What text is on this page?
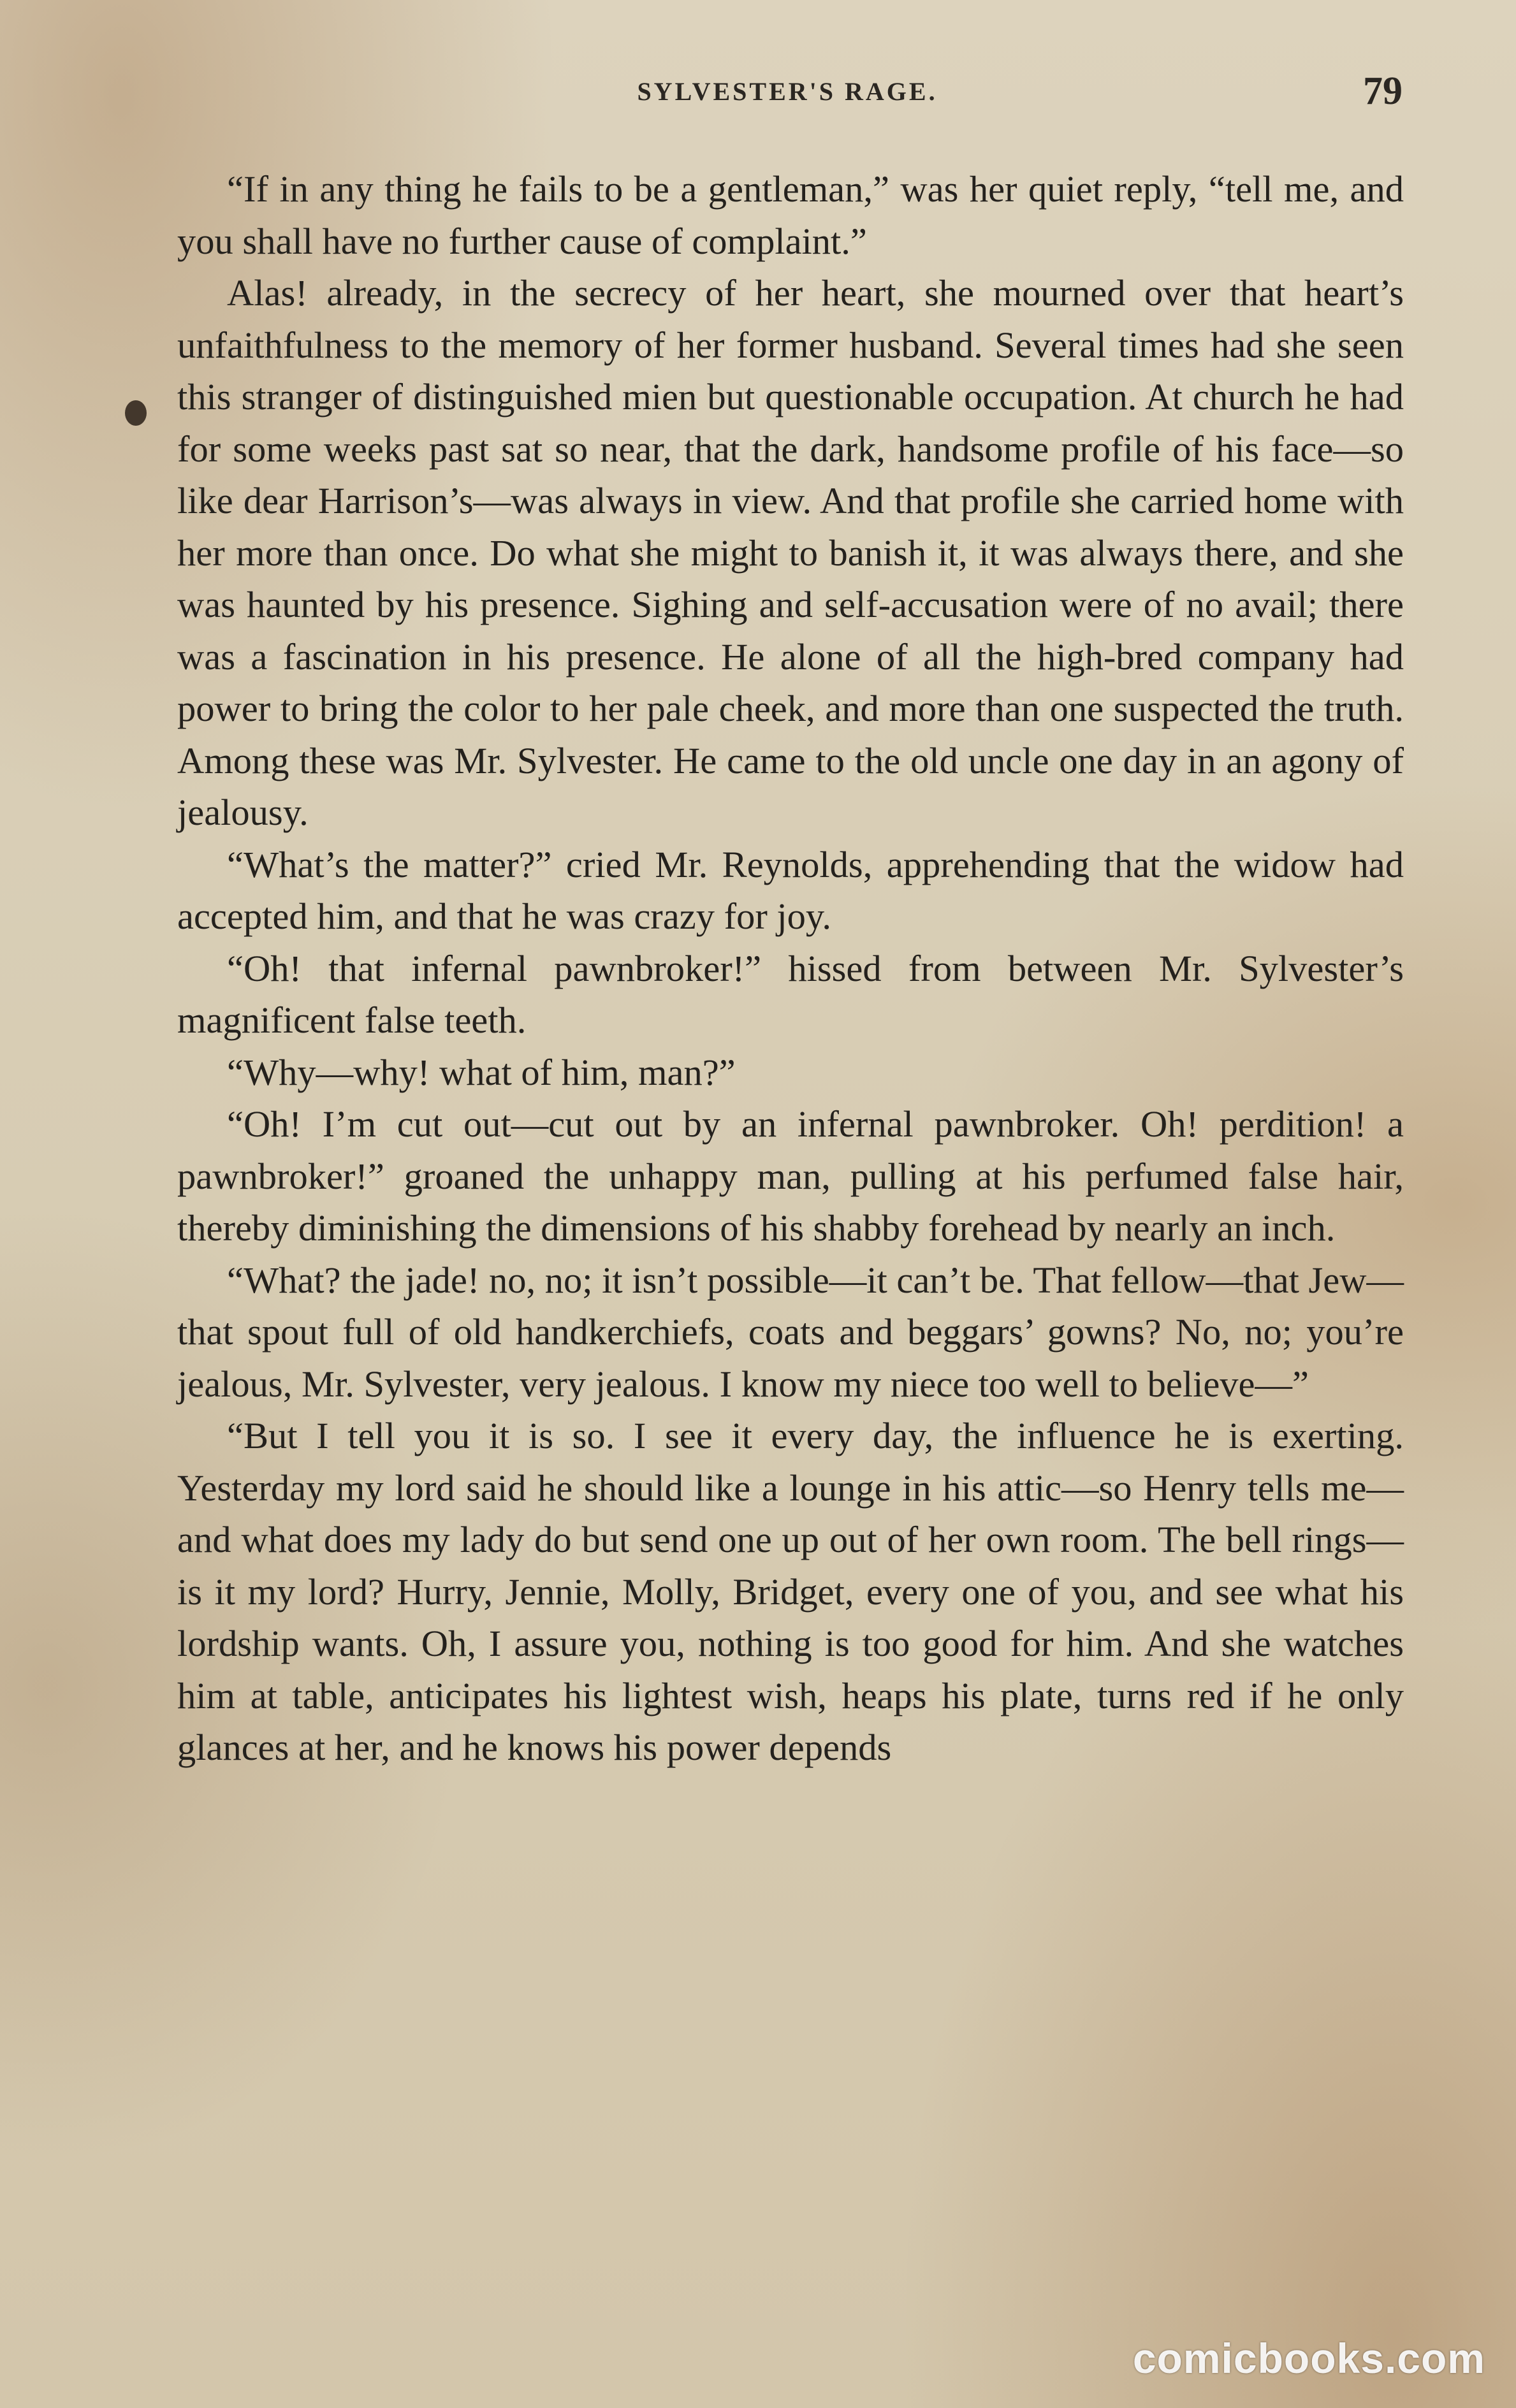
SYLVESTER'S RAGE.	79

“If in any thing he fails to be a gentleman,” was her quiet reply, “tell me, and you shall have no further cause of complaint.”

Alas! already, in the secrecy of her heart, she mourned over that heart’s unfaithfulness to the memory of her former husband. Several times had she seen this stranger of distinguished mien but questionable occupation. At church he had for some weeks past sat so near, that the dark, handsome profile of his face—so like dear Harrison’s—was always in view. And that profile she carried home with her more than once. Do what she might to banish it, it was always there, and she was haunted by his presence. Sighing and self-accusation were of no avail; there was a fascination in his presence. He alone of all the high-bred company had power to bring the color to her pale cheek, and more than one suspected the truth. Among these was Mr. Sylvester. He came to the old uncle one day in an agony of jealousy.

“What’s the matter?” cried Mr. Reynolds, apprehending that the widow had accepted him, and that he was crazy for joy.

“Oh! that infernal pawnbroker!” hissed from between Mr. Sylvester’s magnificent false teeth.

“Why—why! what of him, man?”

“Oh! I’m cut out—cut out by an infernal pawnbroker. Oh! perdition! a pawnbroker!” groaned the unhappy man, pulling at his perfumed false hair, thereby diminishing the dimensions of his shabby forehead by nearly an inch.

“What? the jade! no, no; it isn’t possible—it can’t be. That fellow—that Jew—that spout full of old handkerchiefs, coats and beggars’ gowns? No, no; you’re jealous, Mr. Sylvester, very jealous. I know my niece too well to believe—”

“But I tell you it is so. I see it every day, the influence he is exerting. Yesterday my lord said he should like a lounge in his attic—so Henry tells me—and what does my lady do but send one up out of her own room. The bell rings—is it my lord? Hurry, Jennie, Molly, Bridget, every one of you, and see what his lordship wants. Oh, I assure you, nothing is too good for him. And she watches him at table, anticipates his lightest wish, heaps his plate, turns red if he only glances at her, and he knows his power depends

comicbooks.com
